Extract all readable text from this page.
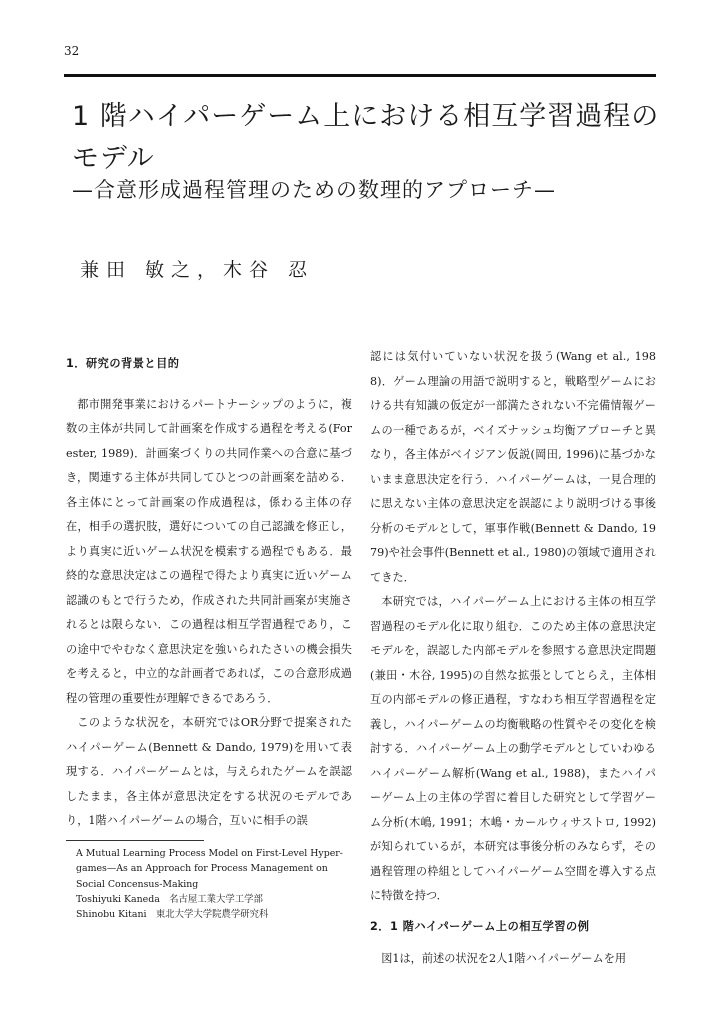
32
1 階ハイパーゲーム上における相互学習過程のモデル
—合意形成過程管理のための数理的アプローチ—
兼田 敏之，木谷 忍
1．研究の背景と目的

都市開発事業におけるパートナーシップのように，複数の主体が共同して計画案を作成する過程を考える(Forester, 1989)．計画案づくりの共同作業への合意に基づき，関連する主体が共同してひとつの計画案を詰める．各主体にとって計画案の作成過程は，係わる主体の存在，相手の選択肢，選好についての自己認識を修正し，より真実に近いゲーム状況を模索する過程でもある．最終的な意思決定はこの過程で得たより真実に近いゲーム認識のもとで行うため，作成された共同計画案が実施されるとは限らない．この過程は相互学習過程であり，この途中でやむなく意思決定を強いられたさいの機会損失を考えると，中立的な計画者であれば，この合意形成過程の管理の重要性が理解できるであろう．

このような状況を，本研究ではOR分野で提案されたハイパーゲーム(Bennett & Dando, 1979)を用いて表現する．ハイパーゲームとは，与えられたゲームを誤認したまま，各主体が意思決定をする状況のモデルであり，1階ハイパーゲームの場合，互いに相手の誤

認には気付いていない状況を扱う(Wang et al., 1988)．ゲーム理論の用語で説明すると，戦略型ゲームにおける共有知識の仮定が一部満たされない不完備情報ゲームの一種であるが，ベイズナッシュ均衡アプローチと異なり，各主体がベイジアン仮説(岡田, 1996)に基づかないまま意思決定を行う．ハイパーゲームは，一見合理的に思えない主体の意思決定を誤認により説明づける事後分析のモデルとして，軍事作戦(Bennett & Dando, 1979)や社会事件(Bennett et al., 1980)の領域で適用されてきた．

本研究では，ハイパーゲーム上における主体の相互学習過程のモデル化に取り組む．このため主体の意思決定モデルを，誤認した内部モデルを参照する意思決定問題(兼田・木谷, 1995)の自然な拡張としてとらえ，主体相互の内部モデルの修正過程，すなわち相互学習過程を定義し，ハイパーゲームの均衡戦略の性質やその変化を検討する．ハイパーゲーム上の動学モデルとしていわゆるハイパーゲーム解析(Wang et al., 1988)，またハイパーゲーム上の主体の学習に着目した研究として学習ゲーム分析(木嶋, 1991；木嶋・カールウィサストロ, 1992)が知られているが，本研究は事後分析のみならず，その過程管理の枠組としてハイパーゲーム空間を導入する点に特徴を持つ．

2．1 階ハイパーゲーム上の相互学習の例

図1は，前述の状況を2人1階ハイパーゲームを用

A Mutual Learning Process Model on First-Level Hyper-
games—As an Approach for Process Management on
Social Concensus-Making
Toshiyuki Kaneda　名古屋工業大学工学部
Shinobu Kitani　東北大学大学院農学研究科
